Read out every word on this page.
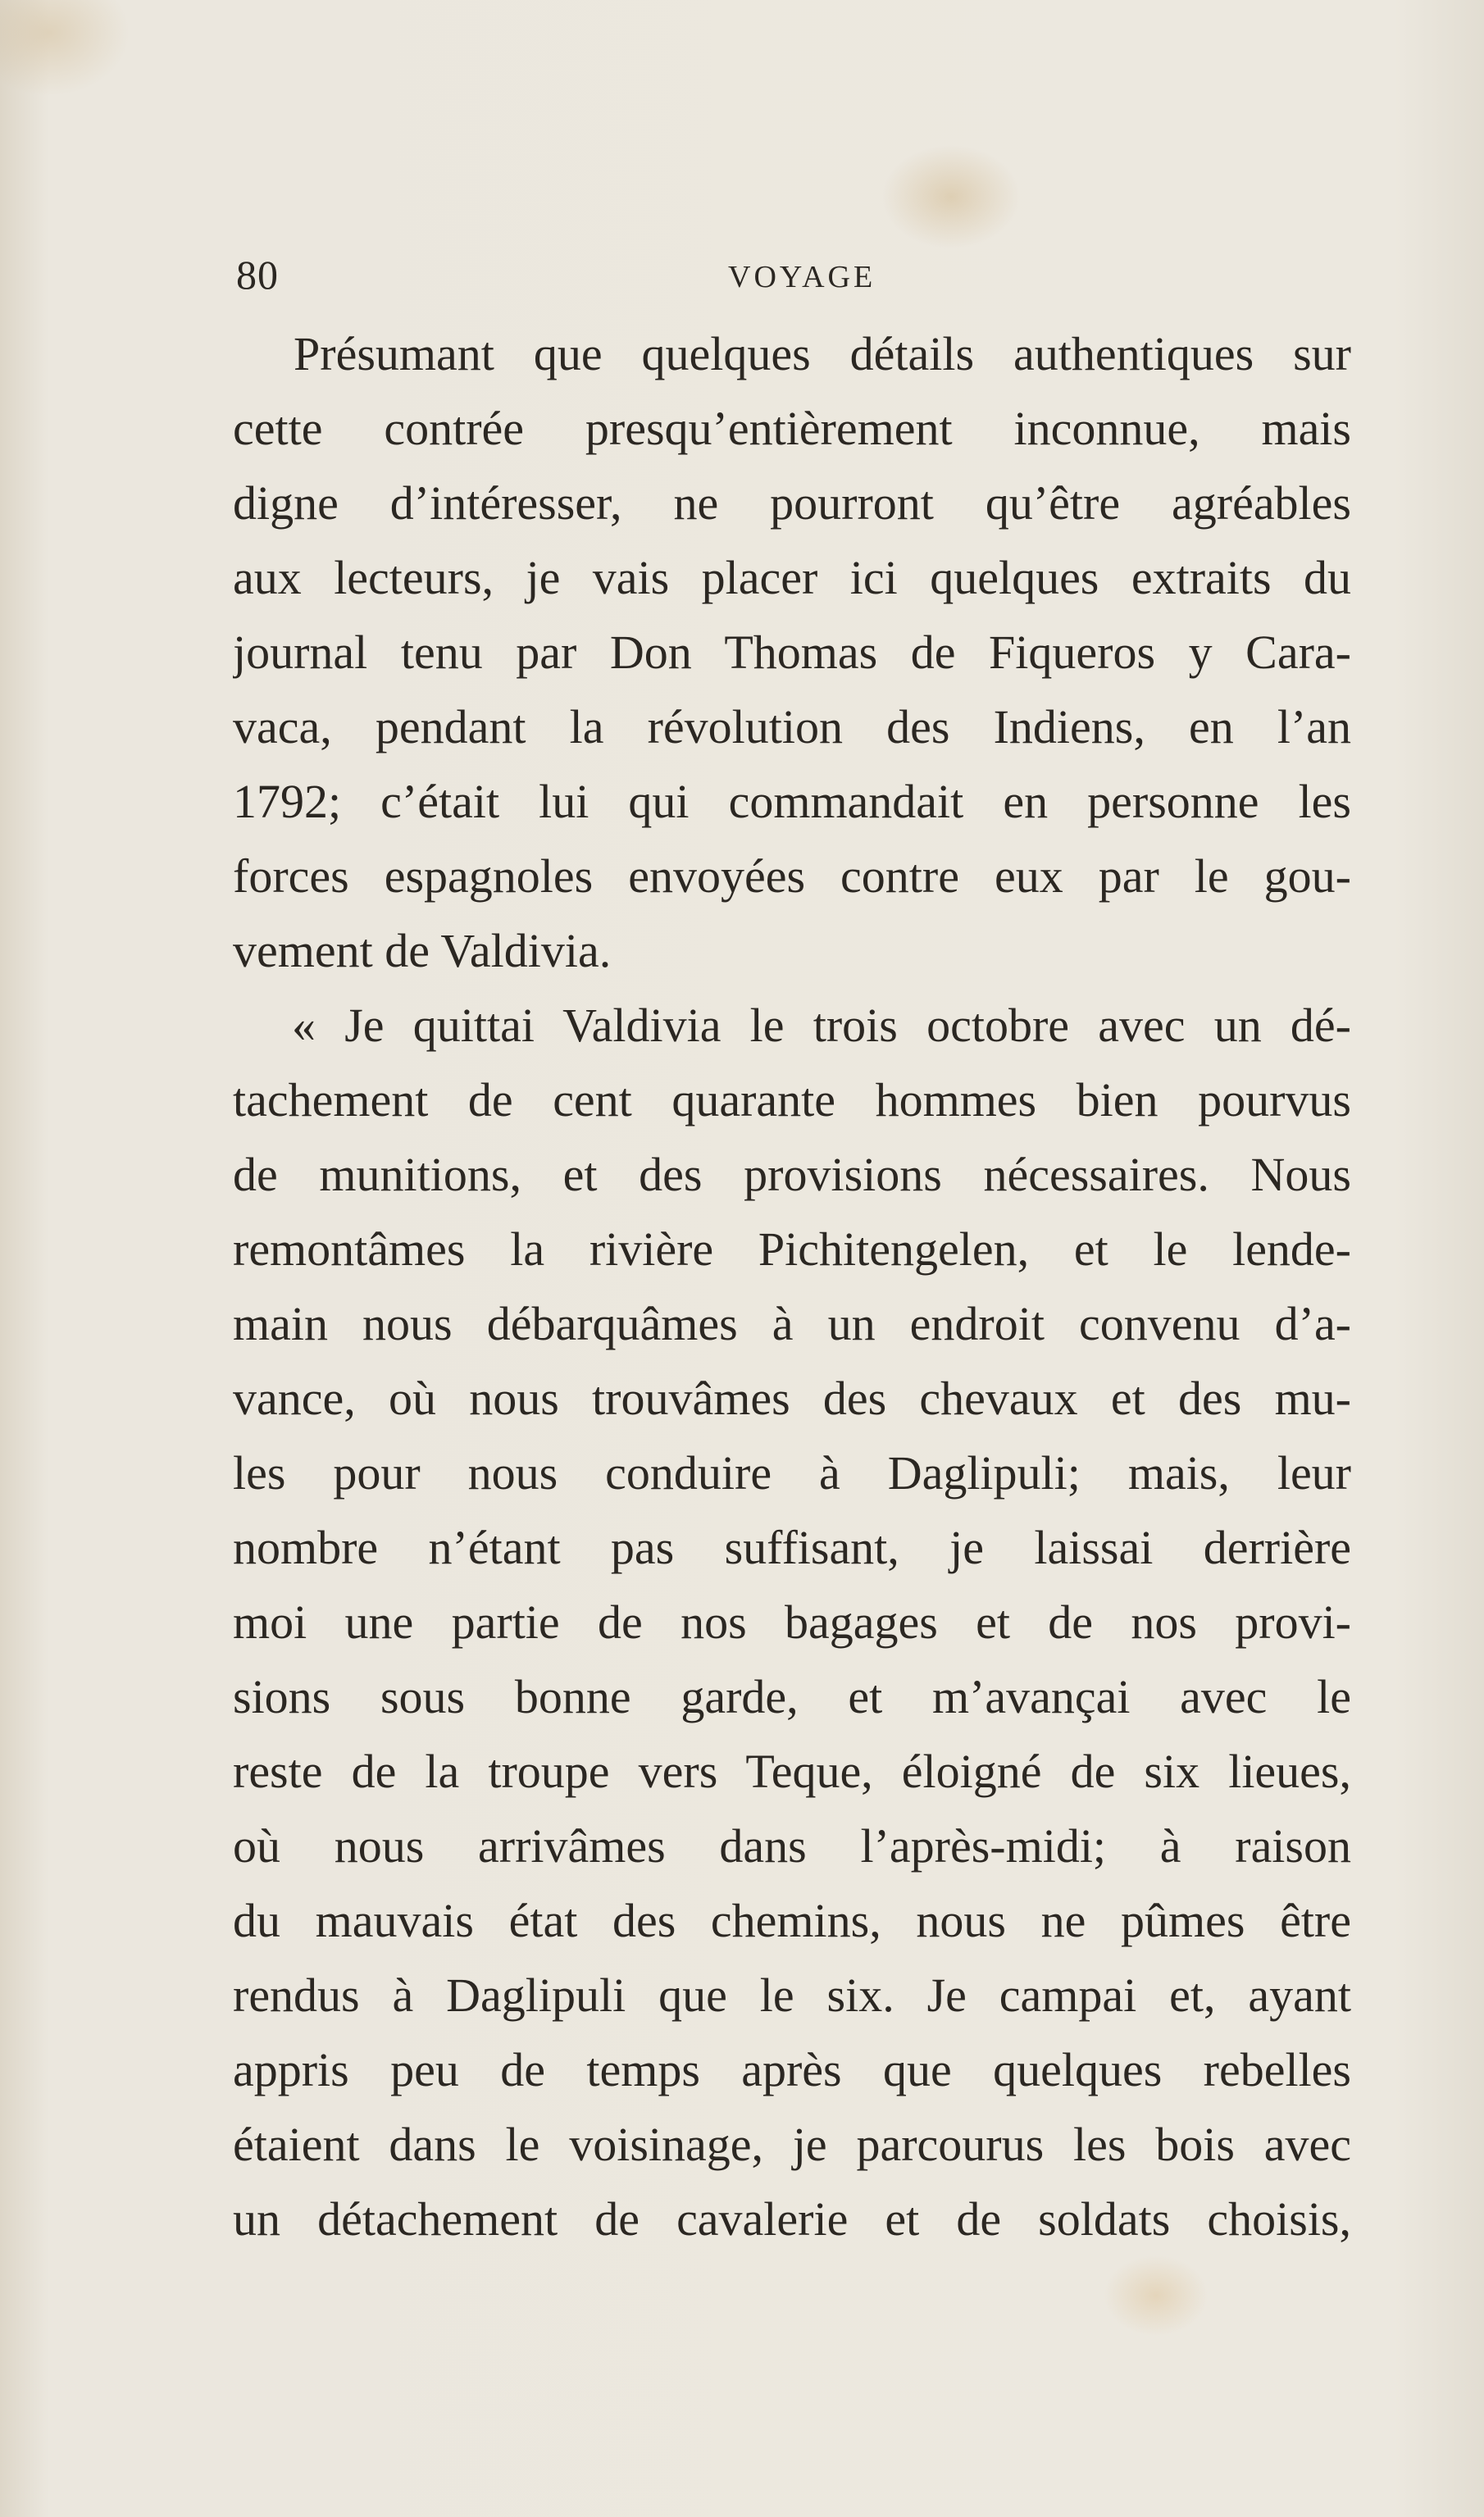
80	VOYAGE
Présumant que quelques détails authentiques sur
cette contrée presqu’entièrement inconnue, mais
digne d’intéresser, ne pourront qu’être agréables
aux lecteurs, je vais placer ici quelques extraits du
journal tenu par Don Thomas de Fiqueros y Cara-
vaca, pendant la révolution des Indiens, en l’an
1792; c’était lui qui commandait en personne les
forces espagnoles envoyées contre eux par le gou-
vement de Valdivia.
« Je quittai Valdivia le trois octobre avec un dé-
tachement de cent quarante hommes bien pourvus
de munitions, et des provisions nécessaires. Nous
remontâmes la rivière Pichitengelen, et le lende-
main nous débarquâmes à un endroit convenu d’a-
vance, où nous trouvâmes des chevaux et des mu-
les pour nous conduire à Daglipuli; mais, leur
nombre n’étant pas suffisant, je laissai derrière
moi une partie de nos bagages et de nos provi-
sions sous bonne garde, et m’avançai avec le
reste de la troupe vers Teque, éloigné de six lieues,
où nous arrivâmes dans l’après-midi; à raison
du mauvais état des chemins, nous ne pûmes être
rendus à Daglipuli que le six. Je campai et, ayant
appris peu de temps après que quelques rebelles
étaient dans le voisinage, je parcourus les bois avec
un détachement de cavalerie et de soldats choisis,
